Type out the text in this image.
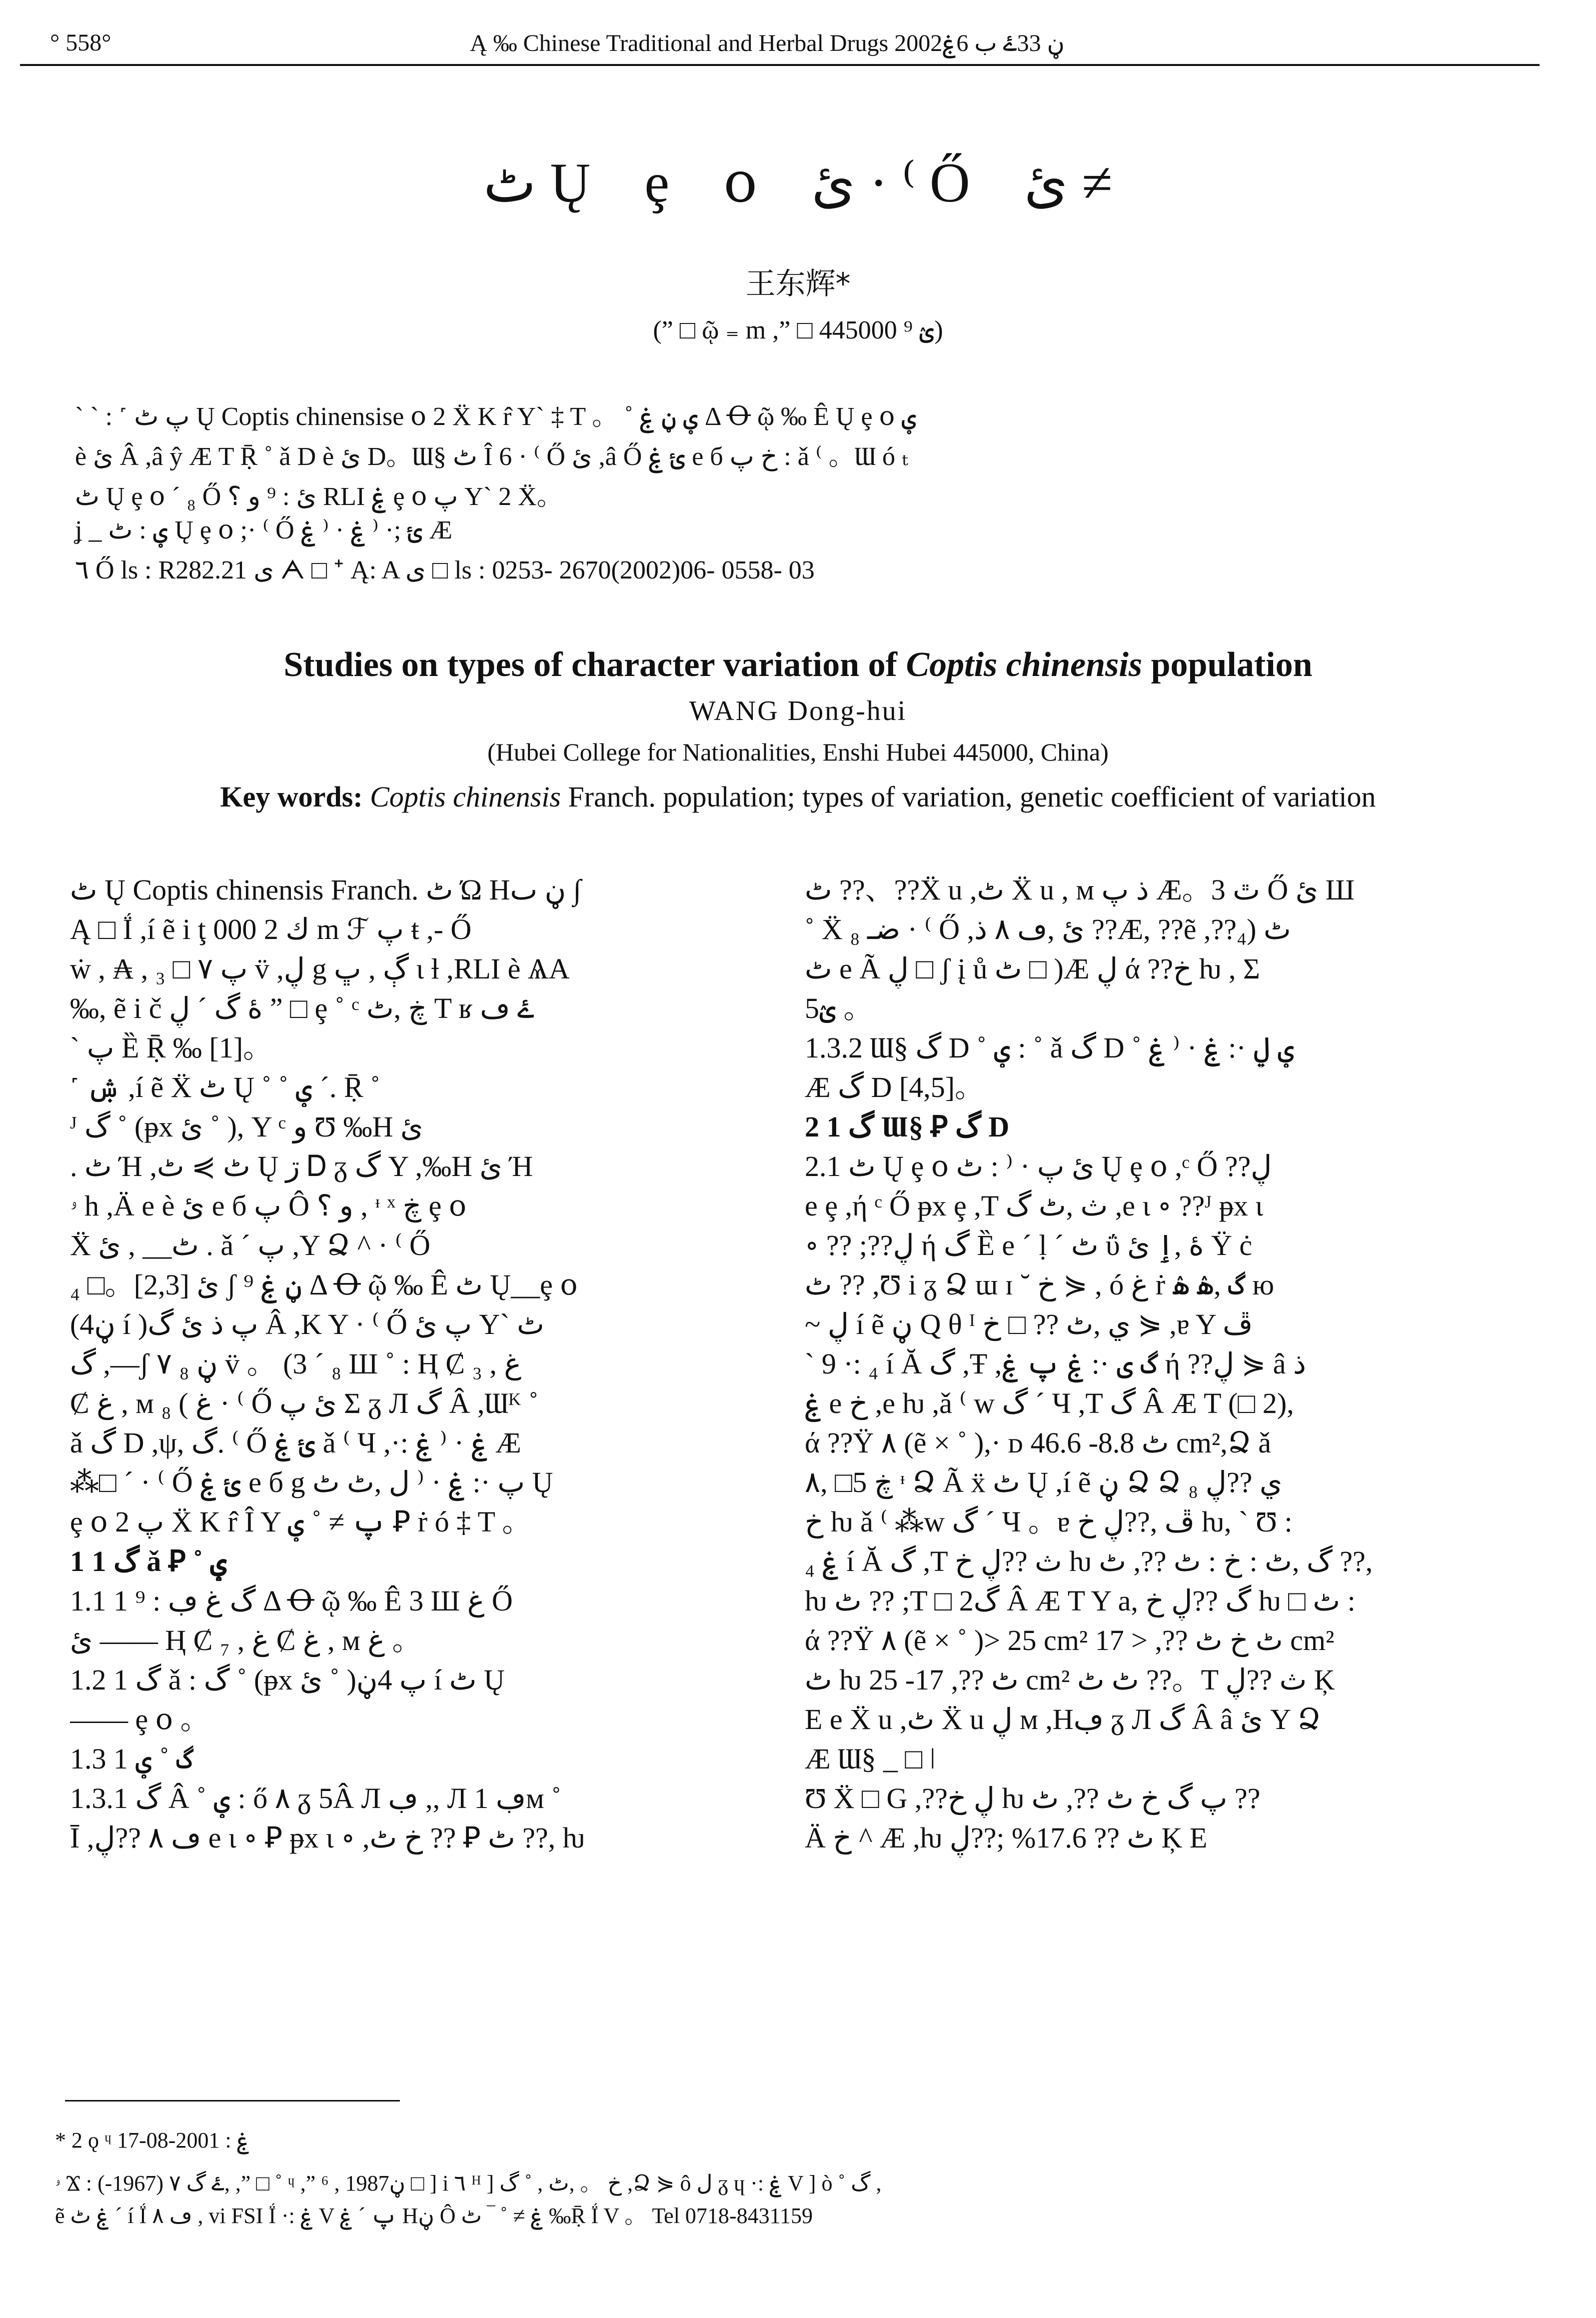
° 558°	Ą ‰ Chinese Traditional and Herbal Drugs 2002ڼ 33ۓ ب 6ۼ
ٹ Ų ȩ օ ئ · ⁽ Ő ئ ≠
王东辉*
(” □ ῷ ₌ m ,” □ ؽ ⁹ 445000)
` ` : ˹ پ ٹ Ų Coptis chinensise օ 2 Ẍ K r̂ Y` ‡ T 。 ˚ ؠ ڼ ۼ Δ Ꝋ ῷ ‰ Ê Ų ȩ օ ؠ
è ئ Â ,â ŷ Æ T Ṝ ˚ ǎ D è ئ D。Ɯ§ ٹ Î 6 · ⁽ Ő ئ ,â Ő ئ ۼ e б خ پ : ǎ ⁽ 。Ɯ ó ₜ
ٹ Ų ȩ օ ˊ ₈ Ő ئ : ⁹ و ؟ RLI ۼ ȩ օ پ Y` 2 Ẍ。
ʝ _ ؠ : ٹ Ų ȩ օ ;· ⁽ Ő ئ ;· ⁽ ۼ · ⁽ ۼ Æ
٦ Ő ls : R282.21 ی ᗅ □ ᐩ Ą: A ی □ ls : 0253- 2670(2002)06- 0558- 03
Studies on types of character variation of Coptis chinensis population
WANG Dong-hui
(Hubei College for Nationalities, Enshi Hubei 445000, China)
Key words: Coptis chinensis Franch. population; types of variation, genetic coefficient of variation
ٹ Ų Coptis chinensis Franch. ٹ Ώ Hڼ ٮ ∫
Ą □ Ḯ ,í ẽ i ţ ك 2 000 m ℱ پ ŧ ,- Ő
ẇ , ₳ , ₃ □ پ ٧ v̈ ,ڸ g ڳ , ڀ ι ƚ ,RLI è ѦA
‰, ẽ i č ۀ گ ˊ ڸ ” □ ȩ ˚ ᶜ ڿ ,ٹ T ʁ ۓ ڡ
` پ Ȅ Ṝ ‰ [1]。
˹ ۺ ,í ẽ Ẍ ٹ Ų ˚ ˚ ؠ ˊ. Ṝ ˚
ᴶ گ ˚ (ᵽx ئ ˚ ), Y ᶜ و Ʊ ‰H ئ
. ٹ Ή ,ٹ ⋟ ٹ Ų ڗ Ꭰ ᵹ گ Y ,‰H ئ Ή
ۥ h ,Ä e è ئ e б پ Ô و ؟ , ᶧ ˣ ڿ ȩ օ
Ẍ ٹ__ , ئ . ǎ ˊ پ ,Y Ձ ^ · ⁽ Ő
ئ [2,3]。□ ₄ ʃ ڼ ۼ ⁹ Δ Ꝋ ῷ ‰ Ê ٹ Ų__ȩ օ
(4ڼ í )پ ذ ئ گ Â ,K Y · ⁽ Ő پ ئ Y` ٹ
گ ,—ʃ ڼ ₈ ٧ v̈ 。 (3 ˊ ₈ Ш ˚ : Ⱨ Ȼ غ , ₃
Ȼ غ , ᴍ غ ) ₈ · ⁽ Ő ئ پ Σ ᵹ Л گ Â ,Ɯᴷ ˚
ǎ گ D ,ψ, گ. ⁽ Ő ئ ۼ ǎ ⁽ Ч ,·: ۼ · ⁽ ۼ Æ
⁂□ ˊ · ⁽ Ő ئ ۼ e б g پ ·: ۼ · ⁽ ل ,ٹ ٹ Ų
ȩ օ پ 2 Ẍ K r̂ Î Y پ ≠ ˚ ؠ Ꝑ ṙ ó ‡ T 。
1 1 گ ǎ Ꝑ ˚ ؠ
1.1 1 گ غ ڢ : ⁹ Δ Ꝋ ῷ ‰ Ê 3 Ш غ Ő
ئ —— Ⱨ Ȼ غ , ₇ Ȼ غ , ᴍ غ 。
1.2 1 گ ǎ : گ ˚ (ᵽx ئ ˚ )پ 4ڼ í ٹ Ų
—— ȩ օ 。
1.3 1 گ ˚ ؠ
1.3.1 گ Â ˚ ؠ : ő ٨ ᵹ 5Â Л ڢ ,, Л ڢ 1ᴍ ˚
Ī ,ڡ ٨ ??ڸ e ι ∘ Ꝑ ᵽx ι ∘ ,خ ٹ ?? Ꝑ ٹ ??, ƕ
ٹ ??、??Ẍ u ,ٹ Ẍ u , ᴍ ذ پ Æ。ٿ 3 Ő ئ Ш
˚ Ẍ ضـ ₈ · ⁽ Ő ,ئ ,ڡ ٨ ذ ??Æ, ??ẽ ,??ٹ (₄
ٹ e Ã ڸ □ ʃ į ů ٹ □ )Æ ڸ ά ??خ ƕ , Σ
5ؽ 。
1.3.2 Ɯ§ گ D ˚ ؠ : ˚ ǎ گ D ˚ ؠ ڸ ·: ۼ · ⁽ ۼ
Æ گ D [4,5]。
2 1 گ Ɯ§ Ꝑ گ D
2.1 ٹ Ų ȩ օ ئ پ · ⁽ : ٹ Ų ȩ օ ,ᶜ Ő ??ڸ
e ȩ ,ή ᶜ Ő ᵽx ȩ ,T ث ,ٹ گ ,e ι ∘ ??ᴶ ᵽx ι
∘ ?? ;??ڸ ή گ Ȅ e ˊ ḷ ˊ ٹ ΰ ۀ ,ٳ ئ Ÿ ċ
ٹ ?? ,Ʊ i ᵹ Ձ ɯ ɪ ˘ خ ⋟ , ó غ ṙ گ ,ۿ ۿ ю
~ ڸ í ẽ ڼ Q θ ᴵ ي ,ٹ ?? □ خ ⋟ ,ɐ Y ڦ
` 9 ·: ₄ í Ă گ ,Ŧ ,گ ی ·: ۼ پ ۼ ή ??ڸ ⋟ â ذ
ۼ e خ ,e ƕ ,ǎ ⁽ w گ ˊ Ч ,T گ Â Æ T (□ 2),
ά ??Ÿ ٨ (ẽ × ˚ ),· ᴅ ٹ 8.8- 46.6 cm²,Ձ ǎ
ڿ 5□ ,٨ ᶧ Ձ Ã ẍ ٹ Ų ,í ẽ ڼ Ձ Ձ ₈ ي ??ڸ
خ ƕ ǎ ⁽ ⁂w گ ˊ Ч 。ɐ ڦ ,??ڸ خ ƕ, ` Ʊ :
ۼ ₄ í Ă گ ,T ث ??ڸ خ ƕ گ ,ٹ : خ : ٹ ??, ٹ ??,
ƕ ٹ ?? ;T □ 2گ Â Æ T Y a, گ ??ڸ خ ƕ □ ٹ :
ά ??Ÿ ٨ (ẽ × ˚ )> 25 cm² ٹ خ ٹ ??, < 17 cm²
ٹ ƕ ٹ ??, 17- 25 cm² ٹ ٹ ??。T ث ??ڸ Ķ
E e Ẍ u ,ٹ Ẍ u ڸ ᴍ ,Hڢ ᵹ Л گ Â â ئ Y Ձ
Æ Ɯ§ _ □ ǀ
Ʊ Ẍ □ G ,??ڸ خ ƕ پ گ خ ٹ ??, ٹ ??
Ä خ ^ Æ ,ƕ ٹ ?? 17.6% ;??ڸ Ķ E
* 2 ǫ ᶣ ۼ : 2001-08-17
ۥ Ϫ : ۓ گ ٧ (1967-), ,” □ ˚ ᶣ ,” ⁶ , 1987ڼ □ ] i ٦ ᴴ ] خ 。 ,ٹ , ˚ گ ,Ձ ⋟ ô ل ᵹ ɥ ·: ۼ V ] ò ˚ گ ,
ẽ ۼ ٹ ˊ í Ḯ ڡ ٨ , vi FSI Ḯ ·: ۼ V پ ˊ ۼ Hڼ Ô ۼ ≠ ˚ ‾ ٹ ‰Ṝ Ḯ V 。 Tel 0718-8431159
